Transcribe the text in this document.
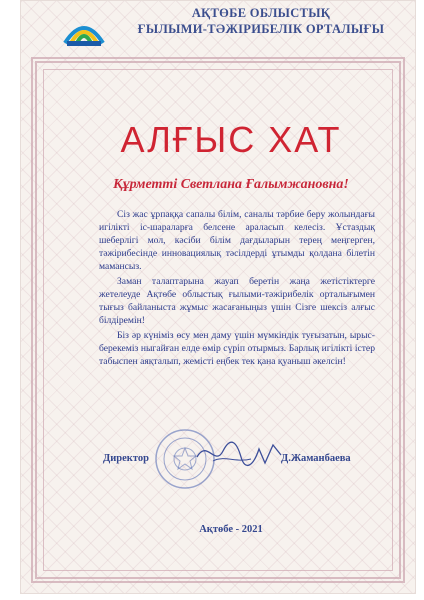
АҚТӨБЕ ОБЛЫСТЫҚ
ҒЫЛЫМИ-ТӘЖІРИБЕЛІК ОРТАЛЫҒЫ
АЛҒЫС ХАТ
Құрметті Светлана Ғалымжановна!

Сіз жас ұрпаққа сапалы білім, саналы тәрбие беру жолындағы игілікті іс-шараларға белсене араласып келесіз. Ұстаздық шеберлігі мол, кәсіби білім дағдыларын терең меңгерген, тәжірибесінде инновациялық тәсілдерді ұтымды қолдана білетін мамансыз.

Заман талаптарына жауап беретін жаңа жетістіктерге жетелеуде Ақтөбе облыстық ғылыми-тәжірибелік орталығымен тығыз байланыста жұмыс жасағаныңыз үшін Сізге шексіз алғыс білдіремін!

Біз әр күніміз өсу мен даму үшін мүмкіндік туғызатын, ырыс-берекеміз ныгайған елде өмір сүріп отырмыз. Барлық игілікті істер табыспен аяқталып, жемісті еңбек тек қана қуаныш әкелсін!

Директор	Д.Жаманбаева
Ақтөбе - 2021
